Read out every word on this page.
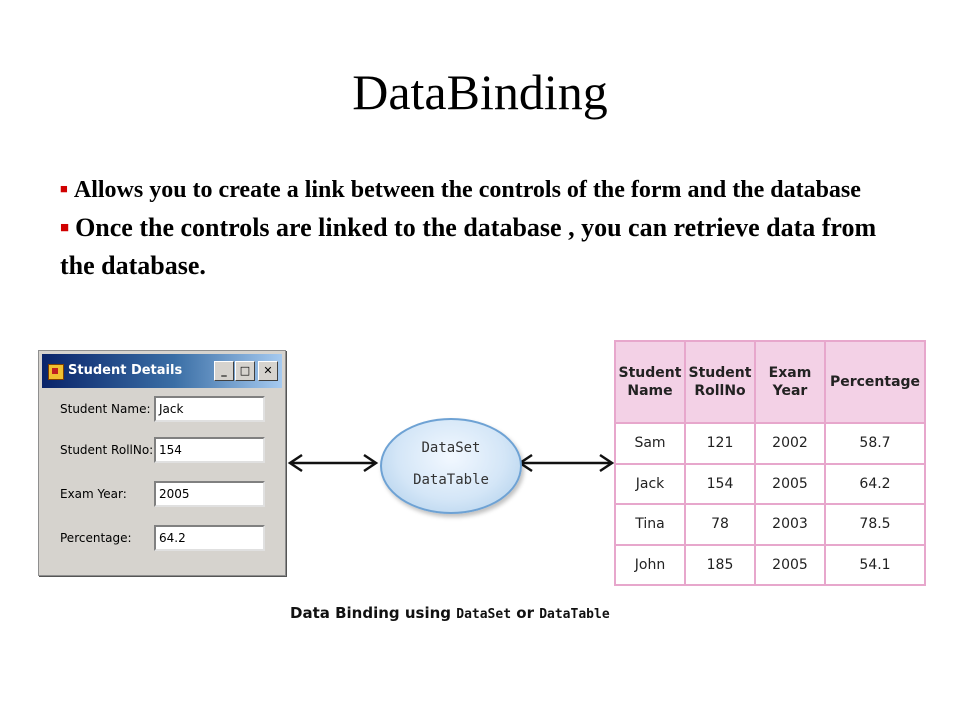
DataBinding

■ Allows you to create a link between the controls of the form and the database

■ Once the controls are linked to the database , you can retrieve data from the database.

Student Details	_	□	✕
Student Name: Jack
Student RollNo: 154
Exam Year:	2005
Percentage:	64.2
DataSet
DataTable
Student Name	Student RollNo	Exam Year	Percentage
Sam	121	2002	58.7
Jack	154	2005	64.2
Tina	78	2003	78.5
John	185	2005	54.1
Data Binding using DataSet or DataTable
